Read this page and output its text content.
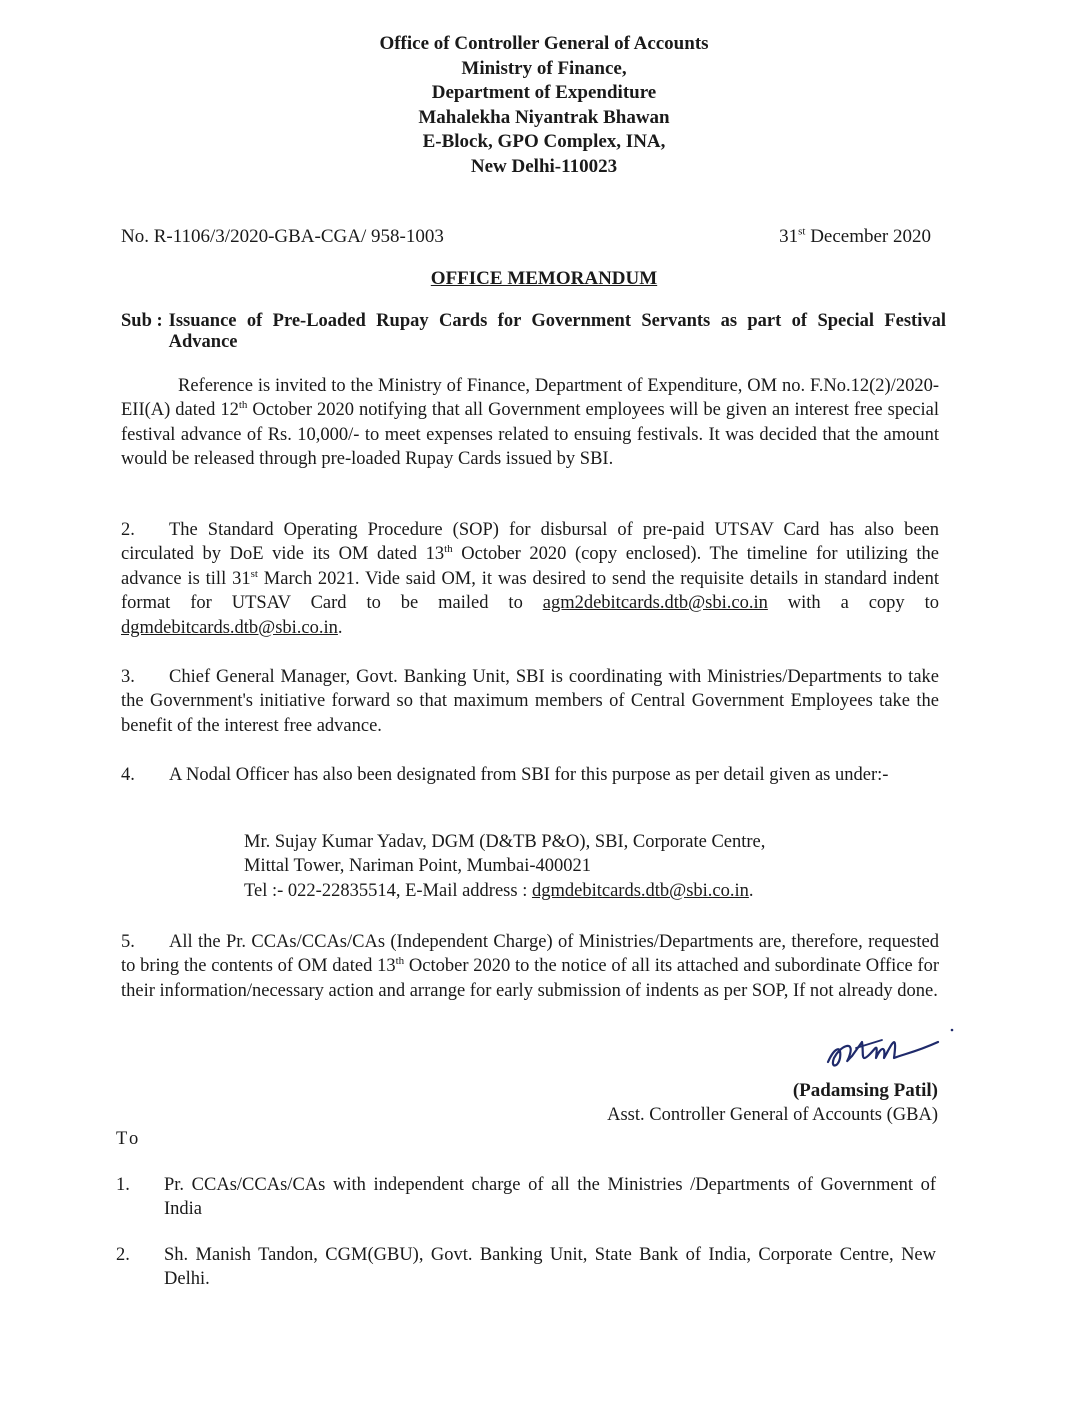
Office of Controller General of Accounts
Ministry of Finance,
Department of Expenditure
Mahalekha Niyantrak Bhawan
E-Block, GPO Complex, INA,
New Delhi-110023
No. R-1106/3/2020-GBA-CGA/ 958-1003	31st December 2020
OFFICE MEMORANDUM
Sub : Issuance of Pre-Loaded Rupay Cards for Government Servants as part of Special Festival Advance
Reference is invited to the Ministry of Finance, Department of Expenditure, OM no. F.No.12(2)/2020-EII(A) dated 12th October 2020 notifying that all Government employees will be given an interest free special festival advance of Rs. 10,000/- to meet expenses related to ensuing festivals. It was decided that the amount would be released through pre-loaded Rupay Cards issued by SBI.
2. The Standard Operating Procedure (SOP) for disbursal of pre-paid UTSAV Card has also been circulated by DoE vide its OM dated 13th October 2020 (copy enclosed). The timeline for utilizing the advance is till 31st March 2021. Vide said OM, it was desired to send the requisite details in standard indent format for UTSAV Card to be mailed to agm2debitcards.dtb@sbi.co.in with a copy to dgmdebitcards.dtb@sbi.co.in.
3. Chief General Manager, Govt. Banking Unit, SBI is coordinating with Ministries/Departments to take the Government's initiative forward so that maximum members of Central Government Employees take the benefit of the interest free advance.
4. A Nodal Officer has also been designated from SBI for this purpose as per detail given as under:-
Mr. Sujay Kumar Yadav, DGM (D&TB P&O), SBI, Corporate Centre,
Mittal Tower, Nariman Point, Mumbai-400021
Tel :- 022-22835514, E-Mail address : dgmdebitcards.dtb@sbi.co.in.
5. All the Pr. CCAs/CCAs/CAs (Independent Charge) of Ministries/Departments are, therefore, requested to bring the contents of OM dated 13th October 2020 to the notice of all its attached and subordinate Office for their information/necessary action and arrange for early submission of indents as per SOP, If not already done.
(Padamsing Patil)
Asst. Controller General of Accounts (GBA)
To
1.	Pr. CCAs/CCAs/CAs with independent charge of all the Ministries /Departments of Government of India
2.	Sh. Manish Tandon, CGM(GBU), Govt. Banking Unit, State Bank of India, Corporate Centre, New Delhi.
